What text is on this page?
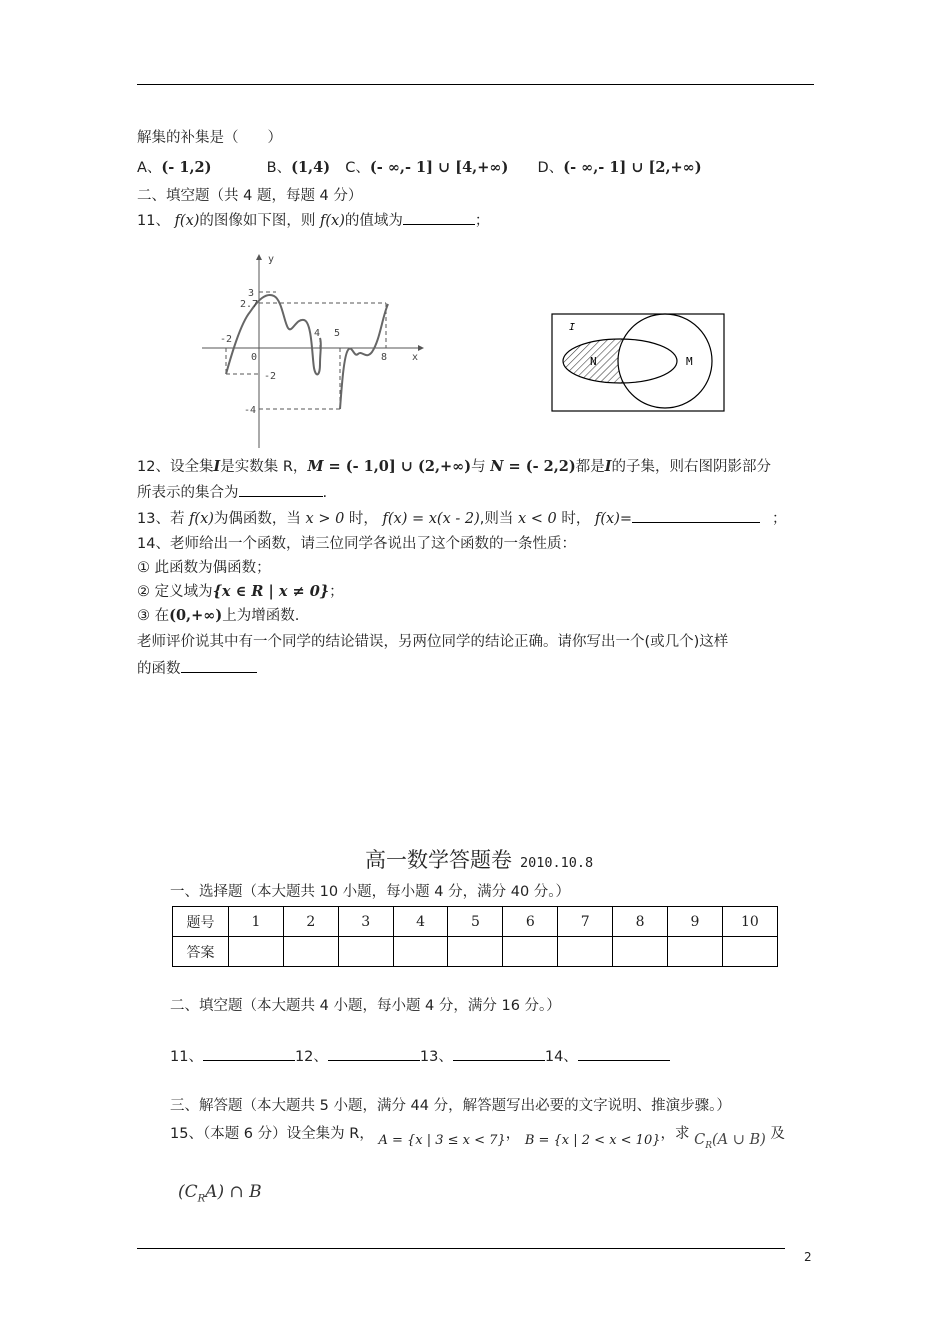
解集的补集是（　　）
A、(- 1,2)	B、(1,4) C、(- ∞,- 1] ∪ [4,+∞) D、(- ∞,- 1] ∪ [2,+∞)
二、填空题（共 4 题，每题 4 分）
11、 f(x)的图像如下图，则 f(x)的值域为	；
y
x
0
3
2.7
-2
-4
-2
4 5
8
I
N	M
12、设全集I是实数集 R，M = (- 1,0] ∪ (2,+∞)与 N = (- 2,2)都是I的子集，则右图阴影部分
所表示的集合为	.
13、若 f(x)为偶函数，当 x > 0 时， f(x) = x(x - 2),则当 x < 0 时， f(x)=	；
14、老师给出一个函数，请三位同学各说出了这个函数的一条性质：
① 此函数为偶函数；
② 定义域为{x ∈ R | x ≠ 0}；
③ 在(0,+∞)上为增函数.
老师评价说其中有一个同学的结论错误，另两位同学的结论正确。请你写出一个(或几个)这样
的函数
高一数学答题卷 2010.10.8
一、选择题（本大题共 10 小题，每小题 4 分，满分 40 分。）
题号	1	2	3	4	5	6	7	8	9	10
答案										
二、填空题（本大题共 4 小题，每小题 4 分，满分 16 分。）
11、	12、	13、	14、
三、解答题（本大题共 5 小题，满分 44 分，解答题写出必要的文字说明、推演步骤。）
15、（本题 6 分）设全集为 R， A = {x | 3 ≤ x < 7}， B = {x | 2 < x < 10}，求 $C_R(A$ ∪ B) 及
$(C_RA)$ ∩ B
2
